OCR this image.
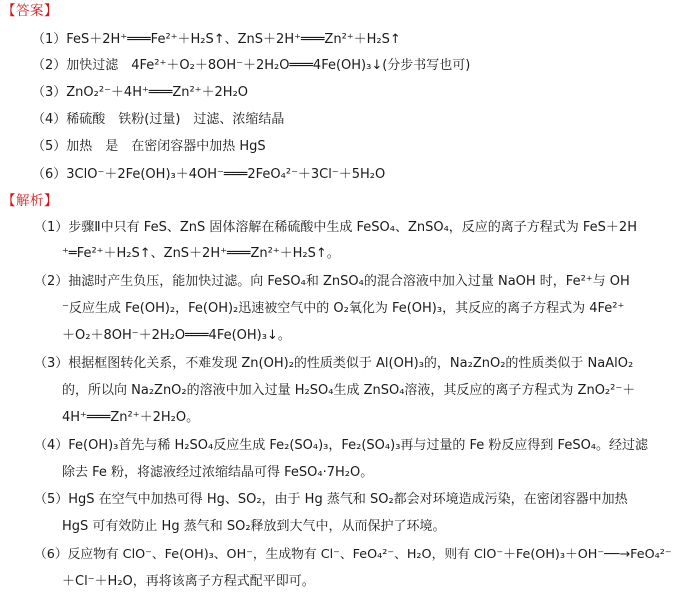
【答案】
（1）FeS＋2H⁺═══Fe²⁺＋H₂S↑、ZnS＋2H⁺═══Zn²⁺＋H₂S↑
（2）加快过滤　4Fe²⁺＋O₂＋8OH⁻＋2H₂O═══4Fe(OH)₃↓(分步书写也可)
（3）ZnO₂²⁻＋4H⁺═══Zn²⁺＋2H₂O
（4）稀硫酸　铁粉(过量)　过滤、浓缩结晶
（5）加热　是　在密闭容器中加热 HgS
（6）3ClO⁻＋2Fe(OH)₃＋4OH⁻═══2FeO₄²⁻＋3Cl⁻＋5H₂O
【解析】
（1）步骤Ⅱ中只有 FeS、ZnS 固体溶解在稀硫酸中生成 FeSO₄、ZnSO₄，反应的离子方程式为 FeS＋2H
⁺═Fe²⁺＋H₂S↑、ZnS＋2H⁺═══Zn²⁺＋H₂S↑。
（2）抽滤时产生负压，能加快过滤。向 FeSO₄和 ZnSO₄的混合溶液中加入过量 NaOH 时，Fe²⁺与 OH
⁻反应生成 Fe(OH)₂，Fe(OH)₂迅速被空气中的 O₂氧化为 Fe(OH)₃，其反应的离子方程式为 4Fe²⁺
＋O₂＋8OH⁻＋2H₂O═══4Fe(OH)₃↓。
（3）根据框图转化关系，不难发现 Zn(OH)₂的性质类似于 Al(OH)₃的，Na₂ZnO₂的性质类似于 NaAlO₂
的，所以向 Na₂ZnO₂的溶液中加入过量 H₂SO₄生成 ZnSO₄溶液，其反应的离子方程式为 ZnO₂²⁻＋
4H⁺═══Zn²⁺＋2H₂O。
（4）Fe(OH)₃首先与稀 H₂SO₄反应生成 Fe₂(SO₄)₃，Fe₂(SO₄)₃再与过量的 Fe 粉反应得到 FeSO₄。经过滤
除去 Fe 粉，将滤液经过浓缩结晶可得 FeSO₄·7H₂O。
（5）HgS 在空气中加热可得 Hg、SO₂，由于 Hg 蒸气和 SO₂都会对环境造成污染，在密闭容器中加热
HgS 可有效防止 Hg 蒸气和 SO₂释放到大气中，从而保护了环境。
（6）反应物有 ClO⁻、Fe(OH)₃、OH⁻，生成物有 Cl⁻、FeO₄²⁻、H₂O，则有 ClO⁻＋Fe(OH)₃＋OH⁻──→FeO₄²⁻
＋Cl⁻＋H₂O，再将该离子方程式配平即可。
